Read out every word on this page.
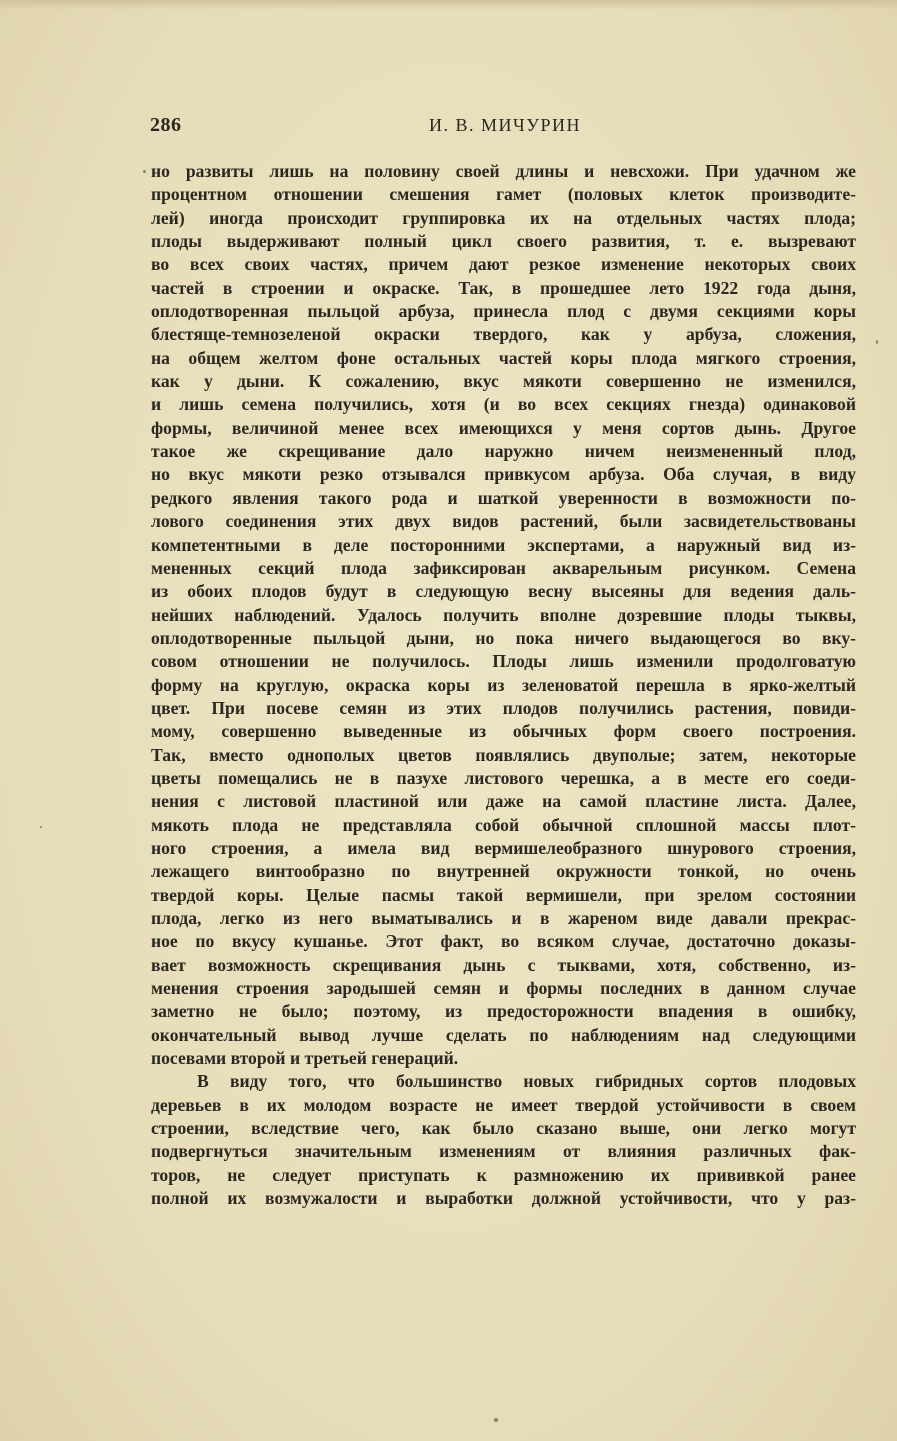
286	И. В. МИЧУРИН
но развиты лишь на половину своей длины и невсхожи. При удачном же
процентном отношении смешения гамет (половых клеток производите-
лей) иногда происходит группировка их на отдельных частях плода;
плоды выдерживают полный цикл своего развития, т. е. вызревают
во всех своих частях, причем дают резкое изменение некоторых своих
частей в строении и окраске. Так, в прошедшее лето 1922 года дыня,
оплодотворенная пыльцой арбуза, принесла плод с двумя секциями коры
блестяще-темнозеленой окраски твердого, как у арбуза, сложения,
на общем желтом фоне остальных частей коры плода мягкого строения,
как у дыни. К сожалению, вкус мякоти совершенно не изменился,
и лишь семена получились, хотя (и во всех секциях гнезда) одинаковой
формы, величиной менее всех имеющихся у меня сортов дынь. Другое
такое же скрещивание дало наружно ничем неизмененный плод,
но вкус мякоти резко отзывался привкусом арбуза. Оба случая, в виду
редкого явления такого рода и шаткой уверенности в возможности по-
лового соединения этих двух видов растений, были засвидетельствованы
компетентными в деле посторонними экспертами, а наружный вид из-
мененных секций плода зафиксирован акварельным рисунком. Семена
из обоих плодов будут в следующую весну высеяны для ведения даль-
нейших наблюдений. Удалось получить вполне дозревшие плоды тыквы,
оплодотворенные пыльцой дыни, но пока ничего выдающегося во вку-
совом отношении не получилось. Плоды лишь изменили продолговатую
форму на круглую, окраска коры из зеленоватой перешла в ярко-желтый
цвет. При посеве семян из этих плодов получились растения, повиди-
мому, совершенно выведенные из обычных форм своего построения.
Так, вместо однополых цветов появлялись двуполые; затем, некоторые
цветы помещались не в пазухе листового черешка, а в месте его соеди-
нения с листовой пластиной или даже на самой пластине листа. Далее,
мякоть плода не представляла собой обычной сплошной массы плот-
ного строения, а имела вид вермишелеобразного шнурового строения,
лежащего винтообразно по внутренней окружности тонкой, но очень
твердой коры. Целые пасмы такой вермишели, при зрелом состоянии
плода, легко из него выматывались и в жареном виде давали прекрас-
ное по вкусу кушанье. Этот факт, во всяком случае, достаточно доказы-
вает возможность скрещивания дынь с тыквами, хотя, собственно, из-
менения строения зародышей семян и формы последних в данном случае
заметно не было; поэтому, из предосторожности впадения в ошибку,
окончательный вывод лучше сделать по наблюдениям над следующими
посевами второй и третьей генераций.
В виду того, что большинство новых гибридных сортов плодовых
деревьев в их молодом возрасте не имеет твердой устойчивости в своем
строении, вследствие чего, как было сказано выше, они легко могут
подвергнуться значительным изменениям от влияния различных фак-
торов, не следует приступать к размножению их прививкой ранее
полной их возмужалости и выработки должной устойчивости, что у раз-
